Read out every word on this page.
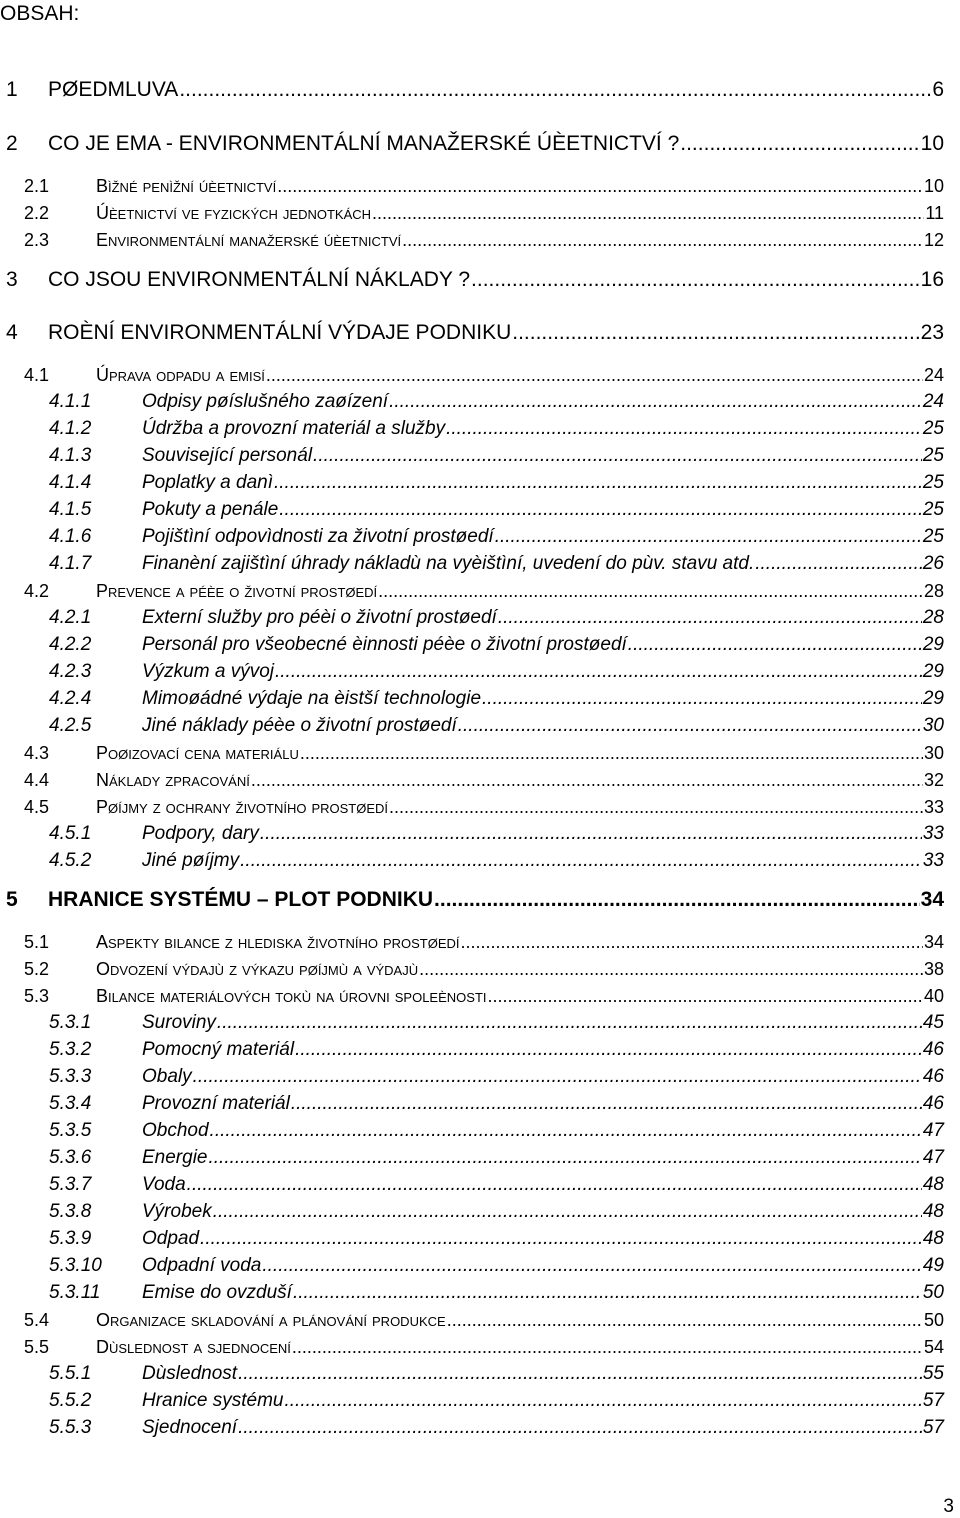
OBSAH:
1 PØEDMLUVA .....	6
2 CO JE EMA - ENVIRONMENTÁLNÍ MANAŽERSKÉ ÚÈETNICTVÍ ? .....	10
2.1	Bìžné penìžní úèetnictví .....	10
2.2	Úèetnictví ve fyzických jednotkách .....	11
2.3	Environmentální manažerské úèetnictví .....	12
3 CO JSOU ENVIRONMENTÁLNÍ NÁKLADY ? .....	16
4 ROÈNÍ ENVIRONMENTÁLNÍ VÝDAJE PODNIKU .....	23
4.1	Úprava odpadu a emisí .....	24
4.1.1	Odpisy pøíslušného zaøízení .....	24
4.1.2	Údržba a provozní materiál a služby .....	25
4.1.3	Související personál .....	25
4.1.4	Poplatky a danì .....	25
4.1.5	Pokuty a penále .....	25
4.1.6	Pojištìní odpovìdnosti za životní prostøedí .....	25
4.1.7	Finanèní zajištìní úhrady nákladù na vyèištìní, uvedení do pùv. stavu atd. .....	26
4.2	Prevence a péèe o životní prostøedí .....	28
4.2.1	Externí služby pro péèi o životní prostøedí .....	28
4.2.2	Personál pro všeobecné èinnosti péèe o životní prostøedí .....	29
4.2.3	Výzkum a vývoj .....	29
4.2.4	Mimoøádné výdaje na èistší technologie .....	29
4.2.5	Jiné náklady péèe o životní prostøedí .....	30
4.3	Poøizovací cena materiálu .....	30
4.4	Náklady zpracování .....	32
4.5	Pøíjmy z ochrany životního prostøedí .....	33
4.5.1	Podpory, dary .....	33
4.5.2	Jiné pøíjmy .....	33
5 HRANICE SYSTÉMU – PLOT PODNIKU .....	34
5.1	Aspekty bilance z hlediska životního prostøedí .....	34
5.2	Odvození výdajù z výkazu pøíjmù a výdajù .....	38
5.3	Bilance materiálových tokù na úrovni spoleènosti .....	40
5.3.1	Suroviny .....	45
5.3.2	Pomocný materiál .....	46
5.3.3	Obaly .....	46
5.3.4	Provozní materiál .....	46
5.3.5	Obchod .....	47
5.3.6	Energie .....	47
5.3.7	Voda .....	48
5.3.8	Výrobek .....	48
5.3.9	Odpad .....	48
5.3.10 Odpadní voda .....	49
5.3.11 Emise do ovzduší .....	50
5.4	Organizace skladování a plánování produkce .....	50
5.5	Dùslednost a sjednocení .....	54
5.5.1	Dùslednost .....	55
5.5.2	Hranice systému .....	57
5.5.3	Sjednocení .....	57
3
